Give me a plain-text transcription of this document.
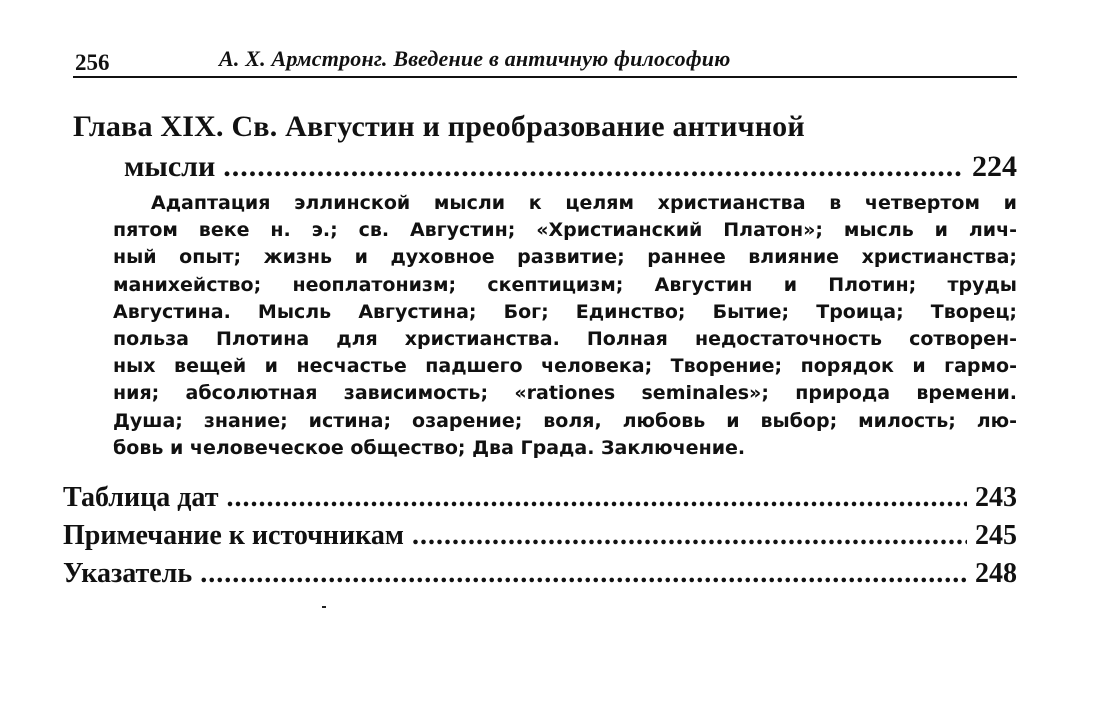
256	А. Х. Армстронг. Введение в античную философию
Глава XIX. Св. Августин и преобразование античной
мысли .....	224
Адаптация эллинской мысли к целям христианства в четвертом и
пятом веке н. э.; св. Августин; «Христианский Платон»; мысль и лич-
ный опыт; жизнь и духовное развитие; раннее влияние христианства;
манихейство; неоплатонизм; скептицизм; Августин и Плотин; труды
Августина. Мысль Августина; Бог; Единство; Бытие; Троица; Творец;
польза Плотина для христианства. Полная недостаточность сотворен-
ных вещей и несчастье падшего человека; Творение; порядок и гармо-
ния; абсолютная зависимость; «rationes seminales»; природа времени.
Душа; знание; истина; озарение; воля, любовь и выбор; милость; лю-
бовь и человеческое общество; Два Града. Заключение.
Таблица дат .....	243
Примечание к источникам .....	245
Указатель .....	248
